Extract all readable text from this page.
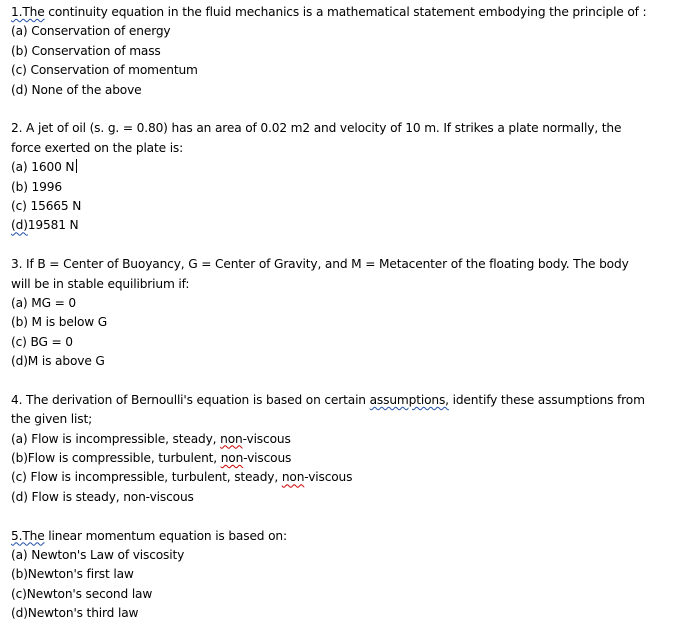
1.The continuity equation in the fluid mechanics is a mathematical statement embodying the principle of :
(a) Conservation of energy
(b) Conservation of mass
(c) Conservation of momentum
(d) None of the above
2. A jet of oil (s. g. = 0.80) has an area of 0.02 m2 and velocity of 10 m. If strikes a plate normally, the force exerted on the plate is:
(a) 1600 N
(b) 1996
(c) 15665 N
(d)19581 N
3. If B = Center of Buoyancy, G = Center of Gravity, and M = Metacenter of the floating body. The body will be in stable equilibrium if:
(a) MG = 0
(b) M is below G
(c) BG = 0
(d)M is above G
4. The derivation of Bernoulli's equation is based on certain assumptions, identify these assumptions from the given list;
(a) Flow is incompressible, steady, non-viscous
(b)Flow is compressible, turbulent, non-viscous
(c) Flow is incompressible, turbulent, steady, non-viscous
(d) Flow is steady, non-viscous
5.The linear momentum equation is based on:
(a) Newton's Law of viscosity
(b)Newton's first law
(c)Newton's second law
(d)Newton's third law
